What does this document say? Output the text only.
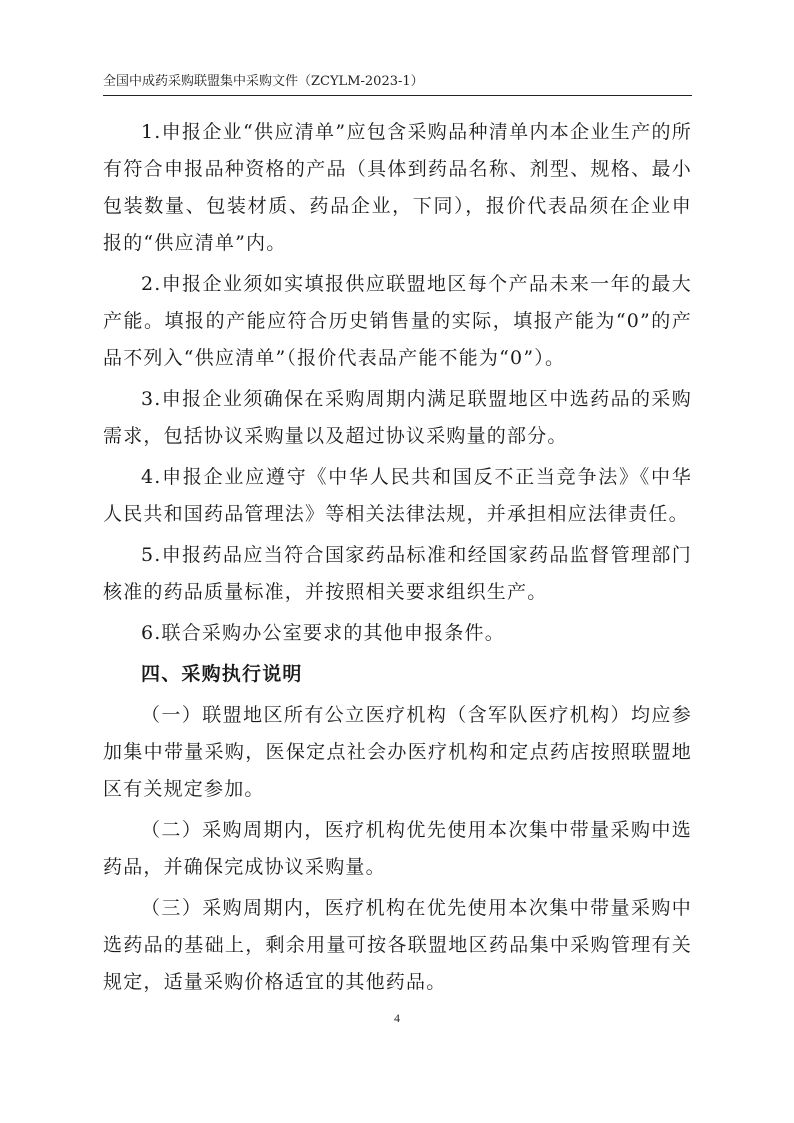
全国中成药采购联盟集中采购文件（ZCYLM-2023-1）

1.申报企业“供应清单”应包含采购品种清单内本企业生产的所有符合申报品种资格的产品（具体到药品名称、剂型、规格、最小包装数量、包装材质、药品企业，下同），报价代表品须在企业申报的“供应清单”内。

2.申报企业须如实填报供应联盟地区每个产品未来一年的最大产能。填报的产能应符合历史销售量的实际，填报产能为“0”的产品不列入“供应清单”（报价代表品产能不能为“0”）。

3.申报企业须确保在采购周期内满足联盟地区中选药品的采购需求，包括协议采购量以及超过协议采购量的部分。

4.申报企业应遵守《中华人民共和国反不正当竞争法》《中华人民共和国药品管理法》等相关法律法规，并承担相应法律责任。

5.申报药品应当符合国家药品标准和经国家药品监督管理部门核准的药品质量标准，并按照相关要求组织生产。

6.联合采购办公室要求的其他申报条件。

四、采购执行说明

（一）联盟地区所有公立医疗机构（含军队医疗机构）均应参加集中带量采购，医保定点社会办医疗机构和定点药店按照联盟地区有关规定参加。

（二）采购周期内，医疗机构优先使用本次集中带量采购中选药品，并确保完成协议采购量。

（三）采购周期内，医疗机构在优先使用本次集中带量采购中选药品的基础上，剩余用量可按各联盟地区药品集中采购管理有关规定，适量采购价格适宜的其他药品。

4
